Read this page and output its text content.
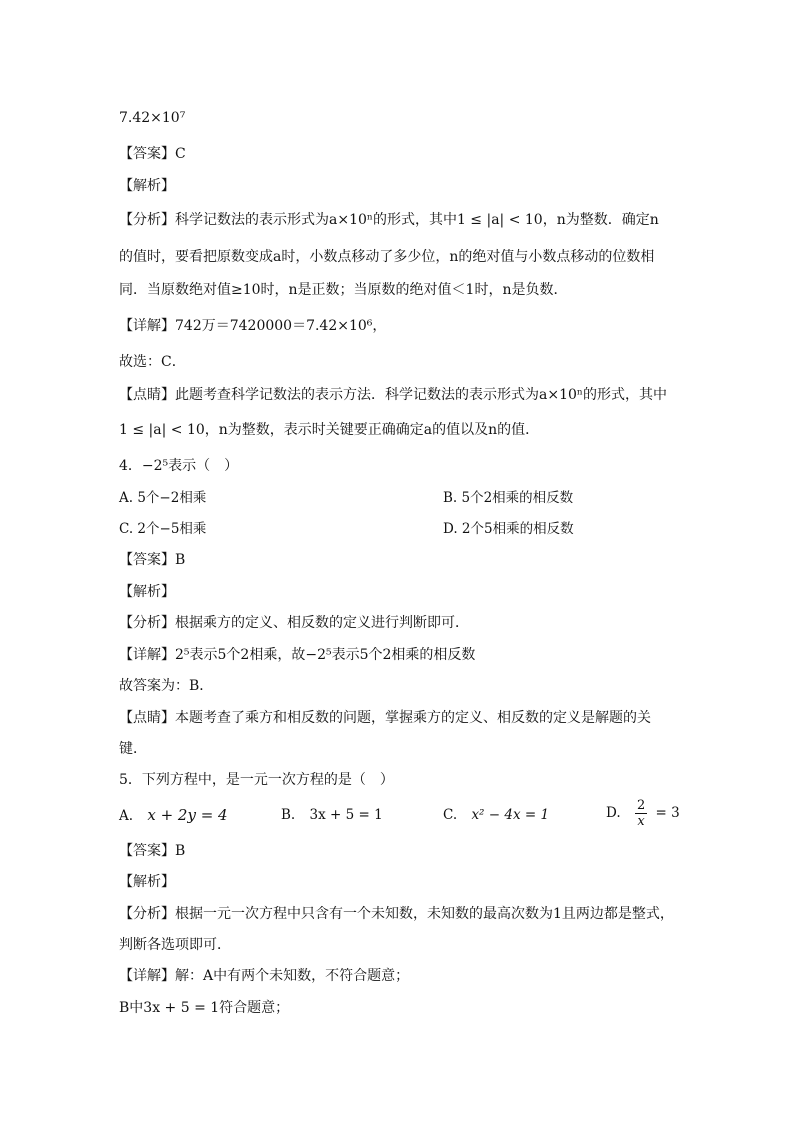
7.42×10⁷
【答案】C
【解析】
【分析】科学记数法的表示形式为a×10ⁿ的形式，其中1 ≤ |a| < 10，n为整数．确定n
的值时，要看把原数变成a时，小数点移动了多少位，n的绝对值与小数点移动的位数相
同．当原数绝对值≥10时，n是正数；当原数的绝对值＜1时，n是负数．
【详解】742万＝7420000＝7.42×10⁶，
故选：C．
【点睛】此题考查科学记数法的表示方法．科学记数法的表示形式为a×10ⁿ的形式，其中
1 ≤ |a| < 10，n为整数，表示时关键要正确确定a的值以及n的值．
4．−2⁵表示（　）
A. 5个−2相乘	B. 5个2相乘的相反数
C. 2个−5相乘	D. 2个5相乘的相反数
【答案】B
【解析】
【分析】根据乘方的定义、相反数的定义进行判断即可．
【详解】2⁵表示5个2相乘，故−2⁵表示5个2相乘的相反数
故答案为：B．
【点睛】本题考查了乘方和相反数的问题，掌握乘方的定义、相反数的定义是解题的关
键．
5．下列方程中，是一元一次方程的是（　）
A. x + 2y = 4	B. 3x + 5 = 1	C. x² − 4x = 1	D. $\frac{2}{x} = 3$
【答案】B
【解析】
【分析】根据一元一次方程中只含有一个未知数，未知数的最高次数为1且两边都是整式，
判断各选项即可．
【详解】解：A中有两个未知数，不符合题意；
B中3x + 5 = 1符合题意；
